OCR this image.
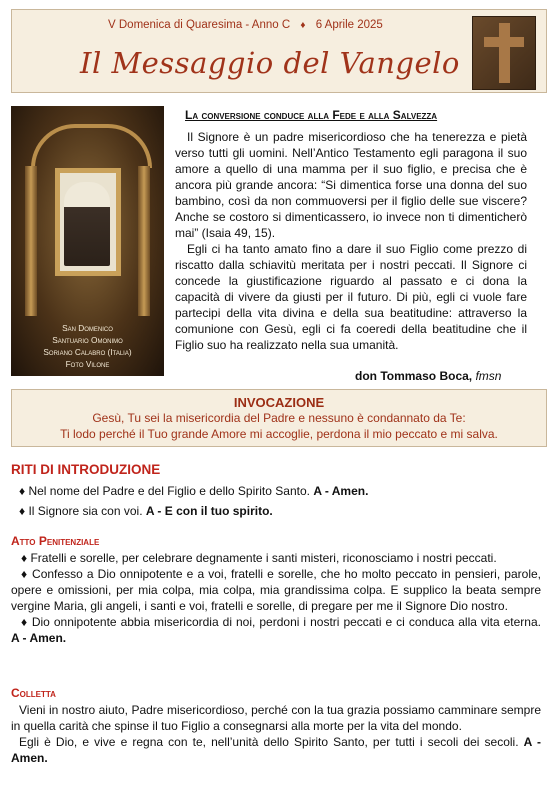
V Domenica di Quaresima - Anno C ♦ 6 Aprile 2025
Il Messaggio del Vangelo
San Domenico
Santuario Omonimo
Soriano Calabro (Italia)
Foto Vilone
La conversione conduce alla Fede e alla Salvezza

Il Signore è un padre misericordioso che ha tenerezza e pietà verso tutti gli uomini. Nell’Antico Testamento egli paragona il suo amore a quello di una mamma per il suo figlio, e precisa che è ancora più grande ancora: “Si dimentica forse una donna del suo bambino, così da non commuoversi per il figlio delle sue viscere? Anche se costoro si dimenticassero, io invece non ti dimenticherò mai” (Isaia 49, 15).

Egli ci ha tanto amato fino a dare il suo Figlio come prezzo di riscatto dalla schiavitù meritata per i nostri peccati. Il Signore ci concede la giustificazione riguardo al passato e ci dona la capacità di vivere da giusti per il futuro. Di più, egli ci vuole fare partecipi della vita divina e della sua beatitudine: attraverso la comunione con Gesù, egli ci fa coeredi della beatitudine che il Figlio suo ha realizzato nella sua umanità.

don Tommaso Boca, fmsn
INVOCAZIONE
Gesù, Tu sei la misericordia del Padre e nessuno è condannato da Te:
Ti lodo perché il Tuo grande Amore mi accoglie, perdona il mio peccato e mi salva.
RITI DI INTRODUZIONE

♦ Nel nome del Padre e del Figlio e dello Spirito Santo. A - Amen.

♦ Il Signore sia con voi. A - E con il tuo spirito.

Atto Penitenziale

♦ Fratelli e sorelle, per celebrare degnamente i santi misteri, riconosciamo i nostri peccati.

♦ Confesso a Dio onnipotente e a voi, fratelli e sorelle, che ho molto peccato in pensieri, parole, opere e omissioni, per mia colpa, mia colpa, mia grandissima colpa. E supplico la beata sempre vergine Maria, gli angeli, i santi e voi, fratelli e sorelle, di pregare per me il Signore Dio nostro.

♦ Dio onnipotente abbia misericordia di noi, perdoni i nostri peccati e ci conduca alla vita eterna. A - Amen.

Colletta

Vieni in nostro aiuto, Padre misericordioso, perché con la tua grazia possiamo camminare sempre in quella carità che spinse il tuo Figlio a consegnarsi alla morte per la vita del mondo.

Egli è Dio, e vive e regna con te, nell’unità dello Spirito Santo, per tutti i secoli dei secoli. A - Amen.
